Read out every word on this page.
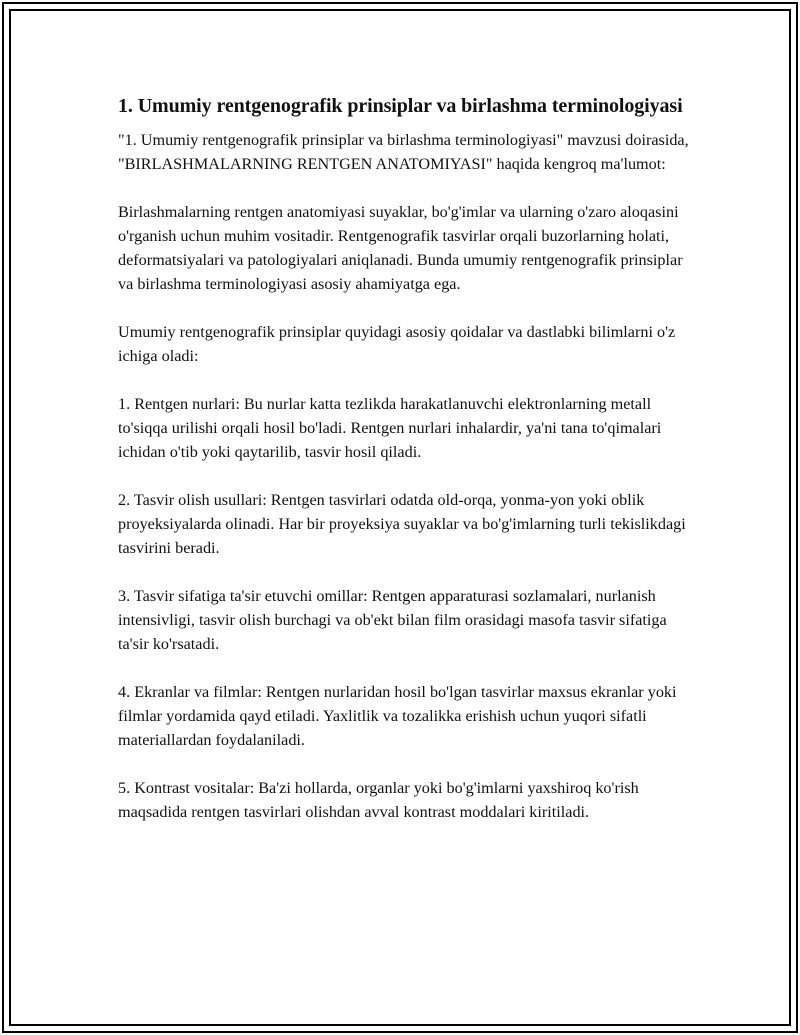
1. Umumiy rentgenografik prinsiplar va birlashma terminologiyasi

"1. Umumiy rentgenografik prinsiplar va birlashma terminologiyasi" mavzusi doirasida, "BIRLASHMALARNING RENTGEN ANATOMIYASI" haqida kengroq ma'lumot:

Birlashmalarning rentgen anatomiyasi suyaklar, bo'g'imlar va ularning o'zaro aloqasini o'rganish uchun muhim vositadir. Rentgenografik tasvirlar orqali buzorlarning holati, deformatsiyalari va patologiyalari aniqlanadi. Bunda umumiy rentgenografik prinsiplar va birlashma terminologiyasi asosiy ahamiyatga ega.

Umumiy rentgenografik prinsiplar quyidagi asosiy qoidalar va dastlabki bilimlarni o'z ichiga oladi:

1. Rentgen nurlari: Bu nurlar katta tezlikda harakatlanuvchi elektronlarning metall to'siqqa urilishi orqali hosil bo'ladi. Rentgen nurlari inhalardir, ya'ni tana to'qimalari ichidan o'tib yoki qaytarilib, tasvir hosil qiladi.

2. Tasvir olish usullari: Rentgen tasvirlari odatda old-orqa, yonma-yon yoki oblik proyeksiyalarda olinadi. Har bir proyeksiya suyaklar va bo'g'imlarning turli tekislikdagi tasvirini beradi.

3. Tasvir sifatiga ta'sir etuvchi omillar: Rentgen apparaturasi sozlamalari, nurlanish intensivligi, tasvir olish burchagi va ob'ekt bilan film orasidagi masofa tasvir sifatiga ta'sir ko'rsatadi.

4. Ekranlar va filmlar: Rentgen nurlaridan hosil bo'lgan tasvirlar maxsus ekranlar yoki filmlar yordamida qayd etiladi. Yaxlitlik va tozalikka erishish uchun yuqori sifatli materiallardan foydalaniladi.

5. Kontrast vositalar: Ba'zi hollarda, organlar yoki bo'g'imlarni yaxshiroq ko'rish maqsadida rentgen tasvirlari olishdan avval kontrast moddalari kiritiladi.
